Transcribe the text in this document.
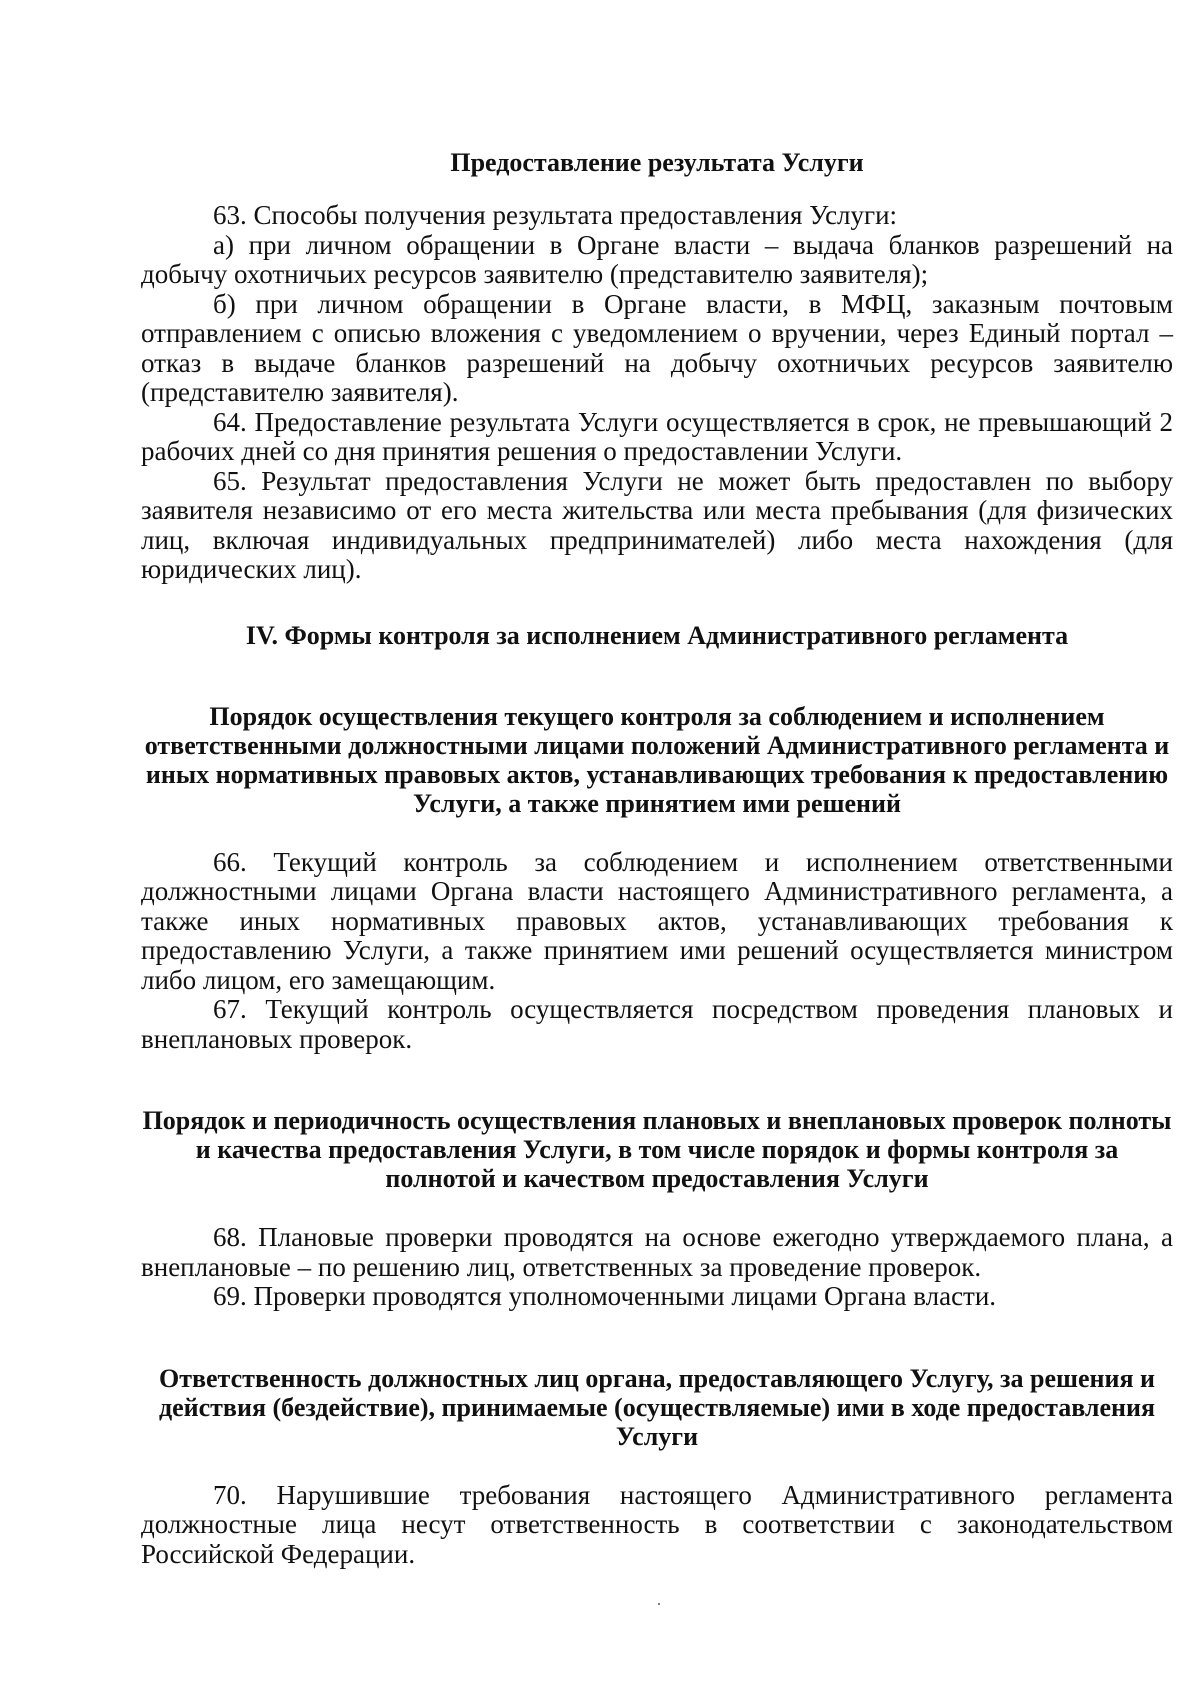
Предоставление результата Услуги

63. Способы получения результата предоставления Услуги:

а) при личном обращении в Органе власти – выдача бланков разрешений на добычу охотничьих ресурсов заявителю (представителю заявителя);

б) при личном обращении в Органе власти, в МФЦ, заказным почтовым отправлением с описью вложения с уведомлением о вручении, через Единый портал – отказ в выдаче бланков разрешений на добычу охотничьих ресурсов заявителю (представителю заявителя).

64. Предоставление результата Услуги осуществляется в срок, не превышающий 2 рабочих дней со дня принятия решения о предоставлении Услуги.

65. Результат предоставления Услуги не может быть предоставлен по выбору заявителя независимо от его места жительства или места пребывания (для физических лиц, включая индивидуальных предпринимателей) либо места нахождения (для юридических лиц).

IV. Формы контроля за исполнением Административного регламента
Порядок осуществления текущего контроля за соблюдением и исполнением ответственными должностными лицами положений Административного регламента и иных нормативных правовых актов, устанавливающих требования к предоставлению Услуги, а также принятием ими решений

66. Текущий контроль за соблюдением и исполнением ответственными должностными лицами Органа власти настоящего Административного регламента, а также иных нормативных правовых актов, устанавливающих требования к предоставлению Услуги, а также принятием ими решений осуществляется министром либо лицом, его замещающим.

67. Текущий контроль осуществляется посредством проведения плановых и внеплановых проверок.

Порядок и периодичность осуществления плановых и внеплановых проверок полноты и качества предоставления Услуги, в том числе порядок и формы контроля за полнотой и качеством предоставления Услуги

68. Плановые проверки проводятся на основе ежегодно утверждаемого плана, а внеплановые – по решению лиц, ответственных за проведение проверок.

69. Проверки проводятся уполномоченными лицами Органа власти.

Ответственность должностных лиц органа, предоставляющего Услугу, за решения и действия (бездействие), принимаемые (осуществляемые) ими в ходе предоставления Услуги

70. Нарушившие требования настоящего Административного регламента должностные лица несут ответственность в соответствии с законодательством Российской Федерации.
